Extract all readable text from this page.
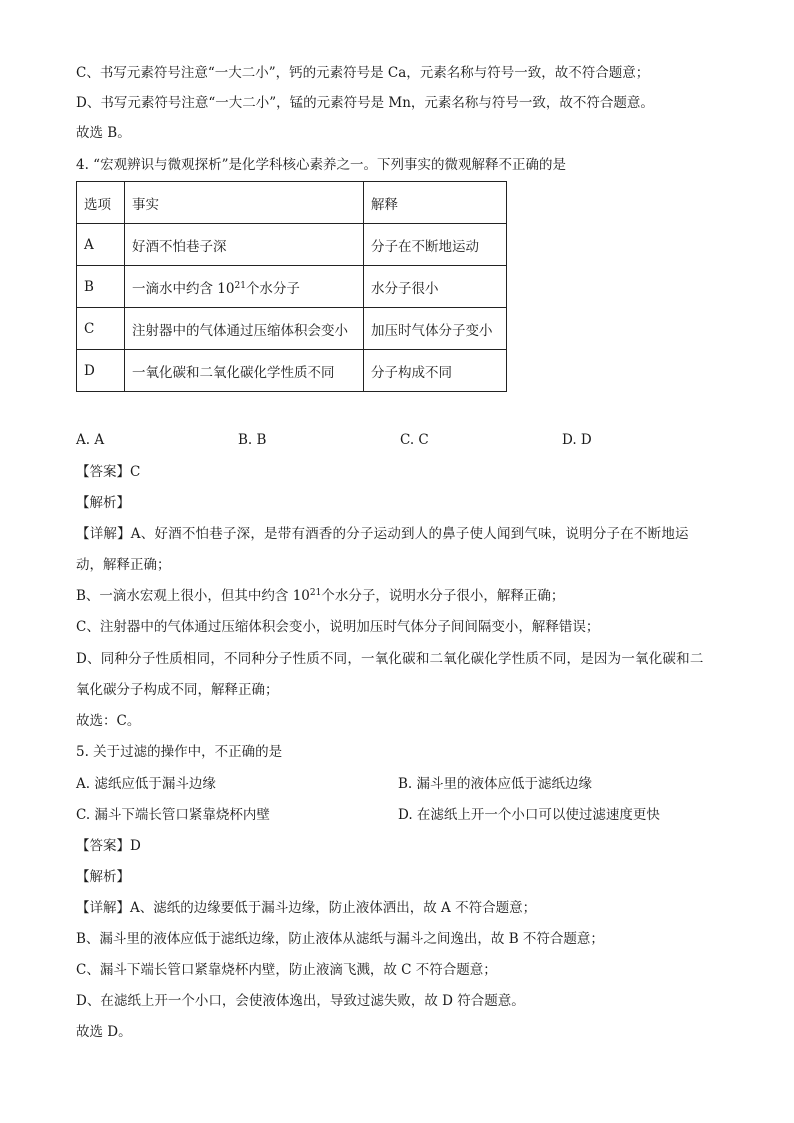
C、书写元素符号注意“一大二小”，钙的元素符号是 Ca，元素名称与符号一致，故不符合题意；
D、书写元素符号注意“一大二小”，锰的元素符号是 Mn，元素名称与符号一致，故不符合题意。
故选 B。
4. “宏观辨识与微观探析”是化学科核心素养之一。下列事实的微观解释不正确的是
选项	事实	解释
A	好酒不怕巷子深	分子在不断地运动
B	一滴水中约含 $10^{21}$个水分子	水分子很小
C	注射器中的气体通过压缩体积会变小	加压时气体分子变小
D	一氧化碳和二氧化碳化学性质不同	分子构成不同
A. A	B. B	C. C	D. D
【答案】C
【解析】
【详解】A、好酒不怕巷子深，是带有酒香的分子运动到人的鼻子使人闻到气味，说明分子在不断地运
动，解释正确；
B、一滴水宏观上很小，但其中约含 $10^{21}$个水分子，说明水分子很小，解释正确；
C、注射器中的气体通过压缩体积会变小，说明加压时气体分子间间隔变小，解释错误；
D、同种分子性质相同，不同种分子性质不同，一氧化碳和二氧化碳化学性质不同，是因为一氧化碳和二
氧化碳分子构成不同，解释正确；
故选：C。
5. 关于过滤的操作中，不正确的是
A. 滤纸应低于漏斗边缘	B. 漏斗里的液体应低于滤纸边缘
C. 漏斗下端长管口紧靠烧杯内壁	D. 在滤纸上开一个小口可以使过滤速度更快
【答案】D
【解析】
【详解】A、滤纸的边缘要低于漏斗边缘，防止液体洒出，故 A 不符合题意；
B、漏斗里的液体应低于滤纸边缘，防止液体从滤纸与漏斗之间逸出，故 B 不符合题意；
C、漏斗下端长管口紧靠烧杯内壁，防止液滴飞溅，故 C 不符合题意；
D、在滤纸上开一个小口，会使液体逸出，导致过滤失败，故 D 符合题意。
故选 D。
